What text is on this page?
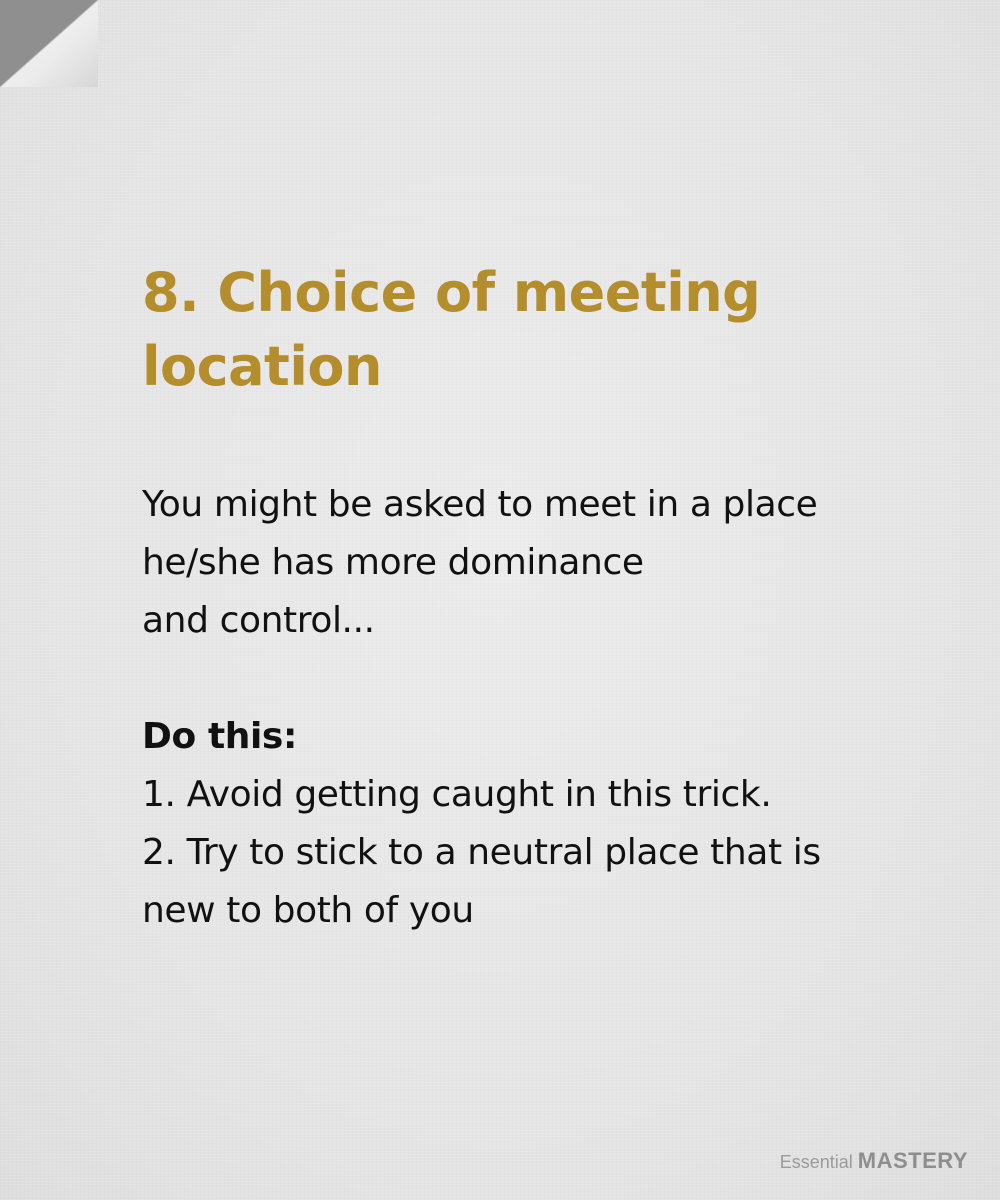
8. Choice of meeting
location
You might be asked to meet in a place
he/she has more dominance
and control...
Do this:
1. Avoid getting caught in this trick.
2. Try to stick to a neutral place that is
new to both of you
Essential MASTERY
